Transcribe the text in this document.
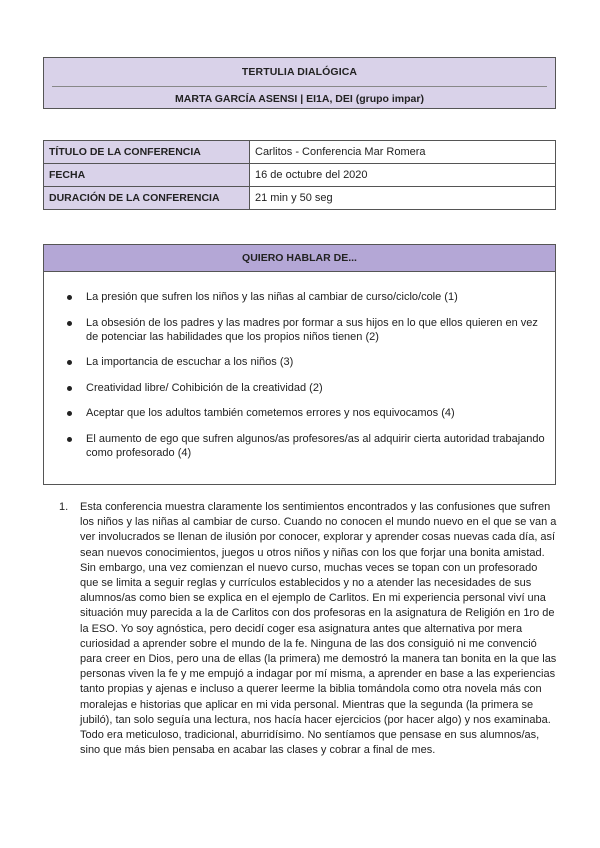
TERTULIA DIALÓGICA
MARTA GARCÍA ASENSI | EI1A, DEI (grupo impar)
TÍTULO DE LA CONFERENCIA	Carlitos - Conferencia Mar Romera
FECHA	16 de octubre del 2020
DURACIÓN DE LA CONFERENCIA	21 min y 50 seg
QUIERO HABLAR DE...
La presión que sufren los niños y las niñas al cambiar de curso/ciclo/cole (1)
La obsesión de los padres y las madres por formar a sus hijos en lo que ellos quieren en vez de potenciar las habilidades que los propios niños tienen (2)
La importancia de escuchar a los niños (3)
Creatividad libre/ Cohibición de la creatividad (2)
Aceptar que los adultos también cometemos errores y nos equivocamos (4)
El aumento de ego que sufren algunos/as profesores/as al adquirir cierta autoridad trabajando como profesorado (4)
1. Esta conferencia muestra claramente los sentimientos encontrados y las confusiones que sufren los niños y las niñas al cambiar de curso. Cuando no conocen el mundo nuevo en el que se van a ver involucrados se llenan de ilusión por conocer, explorar y aprender cosas nuevas cada día, así sean nuevos conocimientos, juegos u otros niños y niñas con los que forjar una bonita amistad. Sin embargo, una vez comienzan el nuevo curso, muchas veces se topan con un profesorado que se limita a seguir reglas y currículos establecidos y no a atender las necesidades de sus alumnos/as como bien se explica en el ejemplo de Carlitos. En mi experiencia personal viví una situación muy parecida a la de Carlitos con dos profesoras en la asignatura de Religión en 1ro de la ESO. Yo soy agnóstica, pero decidí coger esa asignatura antes que alternativa por mera curiosidad a aprender sobre el mundo de la fe. Ninguna de las dos consiguió ni me convenció para creer en Dios, pero una de ellas (la primera) me demostró la manera tan bonita en la que las personas viven la fe y me empujó a indagar por mí misma, a aprender en base a las experiencias tanto propias y ajenas e incluso a querer leerme la biblia tomándola como otra novela más con moralejas e historias que aplicar en mi vida personal. Mientras que la segunda (la primera se jubiló), tan solo seguía una lectura, nos hacía hacer ejercicios (por hacer algo) y nos examinaba. Todo era meticuloso, tradicional, aburridísimo. No sentíamos que pensase en sus alumnos/as, sino que más bien pensaba en acabar las clases y cobrar a final de mes.
